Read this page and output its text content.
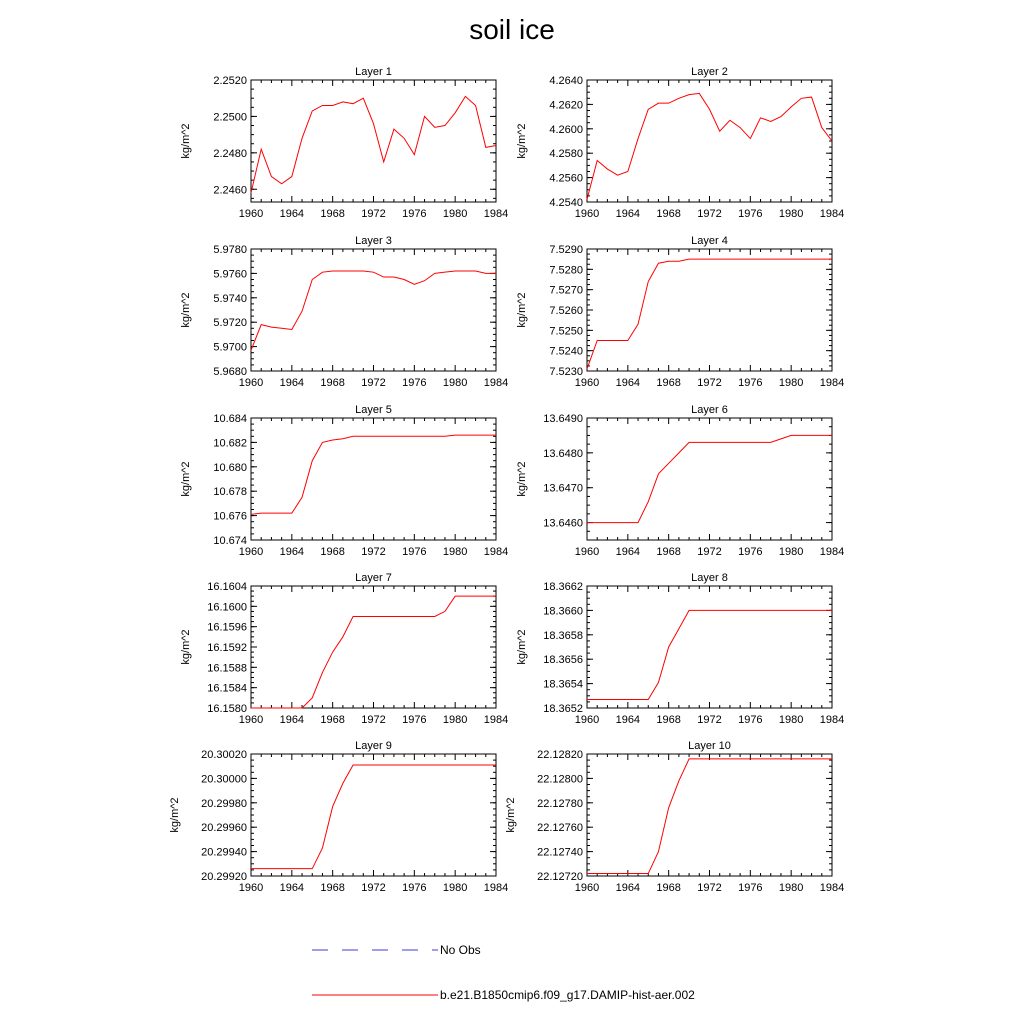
soil ice
Layer 1
kg/m^2
1960 1964 1968 1972 1976 1980 1984
2.2460
2.2480
2.2500
2.2520
Layer 2
kg/m^2
1960 1964 1968 1972 1976 1980 1984
4.2540
4.2560
4.2580
4.2600
4.2620
4.2640
Layer 3
kg/m^2
1960 1964 1968 1972 1976 1980 1984
5.9680
5.9700
5.9720
5.9740
5.9760
5.9780
Layer 4
kg/m^2
1960 1964 1968 1972 1976 1980 1984
7.5230
7.5240
7.5250
7.5260
7.5270
7.5280
7.5290
Layer 5
kg/m^2
1960 1964 1968 1972 1976 1980 1984
10.674
10.676
10.678
10.680
10.682
10.684
Layer 6
kg/m^2
1960 1964 1968 1972 1976 1980 1984
13.6460
13.6470
13.6480
13.6490
Layer 7
kg/m^2
1960 1964 1968 1972 1976 1980 1984
16.1580
16.1584
16.1588
16.1592
16.1596
16.1600
16.1604
Layer 8
kg/m^2
1960 1964 1968 1972 1976 1980 1984
18.3652
18.3654
18.3656
18.3658
18.3660
18.3662
Layer 9
kg/m^2
1960 1964 1968 1972 1976 1980 1984
20.29920
20.29940
20.29960
20.29980
20.30000
20.30020
Layer 10
kg/m^2
1960 1964 1968 1972 1976 1980 1984
22.12720
22.12740
22.12760
22.12780
22.12800
22.12820
No Obs
b.e21.B1850cmip6.f09_g17.DAMIP-hist-aer.002
